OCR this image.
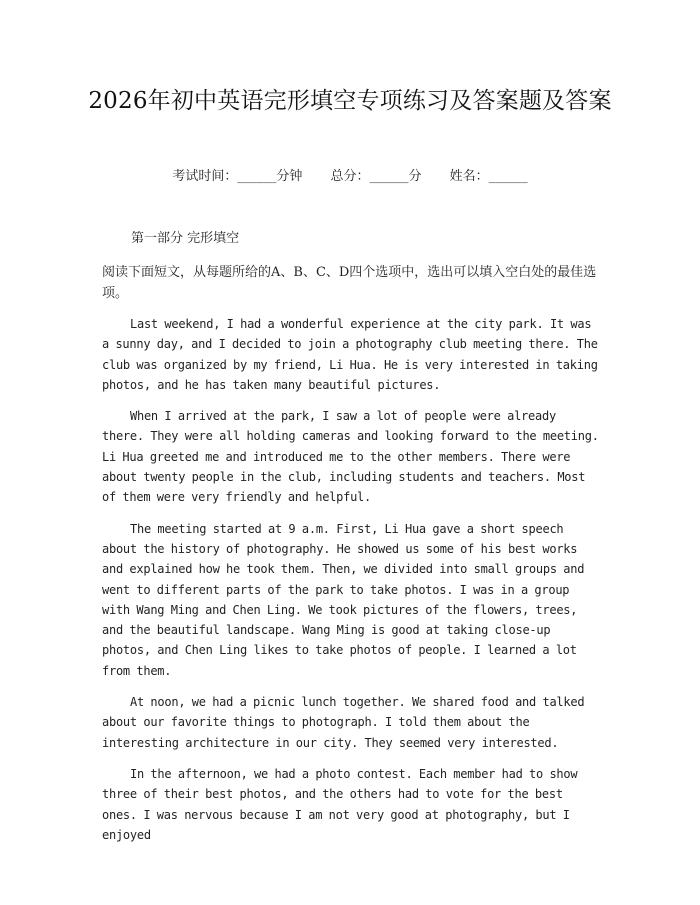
2026年初中英语完形填空专项练习及答案题及答案
考试时间：______分钟 总分：______分 姓名：______
第一部分 完形填空

阅读下面短文，从每题所给的A、B、C、D四个选项中，选出可以填入空白处的最佳选项。

Last weekend, I had a wonderful experience at the city park. It was a sunny day, and I decided to join a photography club meeting there. The club was organized by my friend, Li Hua. He is very interested in taking photos, and he has taken many beautiful pictures.

When I arrived at the park, I saw a lot of people were already there. They were all holding cameras and looking forward to the meeting. Li Hua greeted me and introduced me to the other members. There were about twenty people in the club, including students and teachers. Most of them were very friendly and helpful.

The meeting started at 9 a.m. First, Li Hua gave a short speech about the history of photography. He showed us some of his best works and explained how he took them. Then, we divided into small groups and went to different parts of the park to take photos. I was in a group with Wang Ming and Chen Ling. We took pictures of the flowers, trees, and the beautiful landscape. Wang Ming is good at taking close-up photos, and Chen Ling likes to take photos of people. I learned a lot from them.

At noon, we had a picnic lunch together. We shared food and talked about our favorite things to photograph. I told them about the interesting architecture in our city. They seemed very interested.

In the afternoon, we had a photo contest. Each member had to show three of their best photos, and the others had to vote for the best ones. I was nervous because I am not very good at photography, but I enjoyed
